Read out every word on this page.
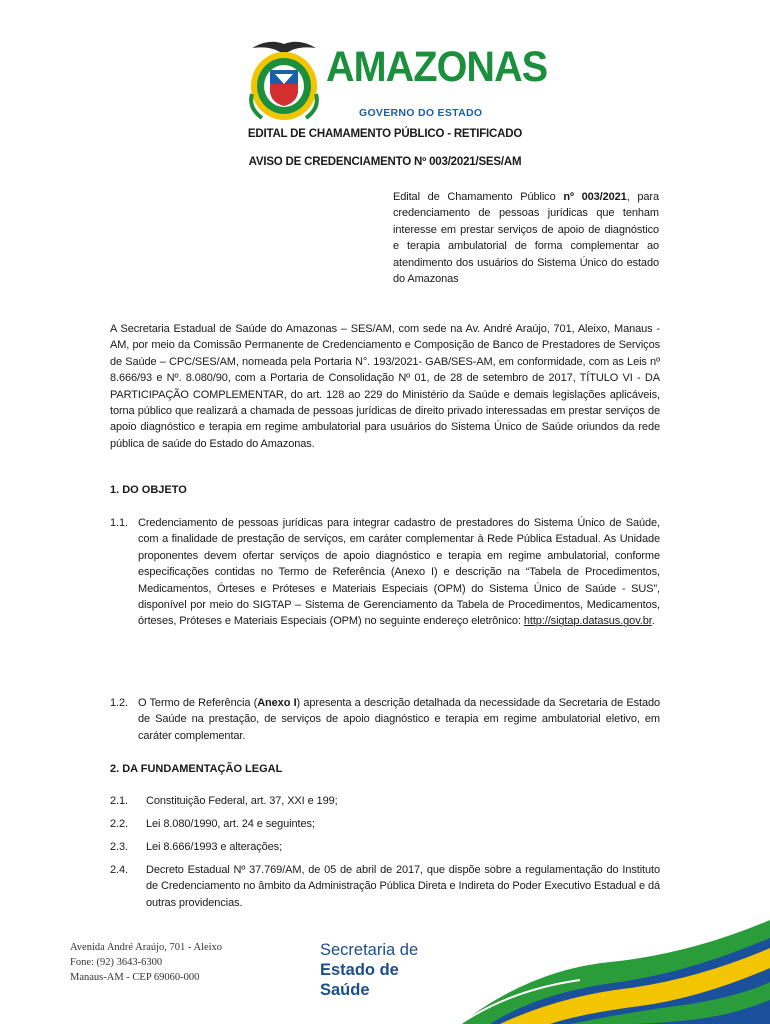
AMAZONAS
GOVERNO DO ESTADO
EDITAL DE CHAMAMENTO PÚBLICO - RETIFICADO
AVISO DE CREDENCIAMENTO Nº 003/2021/SES/AM
Edital de Chamamento Público nº 003/2021, para credenciamento de pessoas jurídicas que tenham interesse em prestar serviços de apoio de diagnóstico e terapia ambulatorial de forma complementar ao atendimento dos usuários do Sistema Único do estado do Amazonas
A Secretaria Estadual de Saúde do Amazonas – SES/AM, com sede na Av. André Araújo, 701, Aleixo, Manaus - AM, por meio da Comissão Permanente de Credenciamento e Composição de Banco de Prestadores de Serviços de Saúde – CPC/SES/AM, nomeada pela Portaria N°. 193/2021- GAB/SES-AM, em conformidade, com as Leis nº 8.666/93 e Nº. 8.080/90, com a Portaria de Consolidação Nº 01, de 28 de setembro de 2017, TÍTULO VI - DA PARTICIPAÇÃO COMPLEMENTAR, do art. 128 ao 229 do Ministério da Saúde e demais legislações aplicáveis, torna público que realizará a chamada de pessoas jurídicas de direito privado interessadas em prestar serviços de apoio diagnóstico e terapia em regime ambulatorial para usuários do Sistema Único de Saúde oriundos da rede pública de saúde do Estado do Amazonas.
1. DO OBJETO
1.1. Credenciamento de pessoas jurídicas para integrar cadastro de prestadores do Sistema Único de Saúde, com a finalidade de prestação de serviços, em caráter complementar à Rede Pública Estadual. As Unidade proponentes devem ofertar serviços de apoio diagnóstico e terapia em regime ambulatorial, conforme especificações contidas no Termo de Referência (Anexo I) e descrição na “Tabela de Procedimentos, Medicamentos, Órteses e Próteses e Materiais Especiais (OPM) do Sistema Único de Saúde - SUS”, disponível por meio do SIGTAP – Sistema de Gerenciamento da Tabela de Procedimentos, Medicamentos, órteses, Próteses e Materiais Especiais (OPM) no seguinte endereço eletrônico: http://sigtap.datasus.gov.br.
1.2. O Termo de Referência (Anexo I) apresenta a descrição detalhada da necessidade da Secretaria de Estado de Saúde na prestação, de serviços de apoio diagnóstico e terapia em regime ambulatorial eletivo, em caráter complementar.
2. DA FUNDAMENTAÇÃO LEGAL
2.1.	Constituição Federal, art. 37, XXI e 199;
2.2.	Lei 8.080/1990, art. 24 e seguintes;
2.3.	Lei 8.666/1993 e alterações;
2.4.	Decreto Estadual Nº 37.769/AM, de 05 de abril de 2017, que dispõe sobre a regulamentação do Instituto de Credenciamento no âmbito da Administração Pública Direta e Indireta do Poder Executivo Estadual e dá outras providencias.
Avenida André Araújo, 701 - Aleixo
Fone: (92) 3643-6300
Manaus-AM - CEP 69060-000
Secretaria de
Estado de
Saúde
